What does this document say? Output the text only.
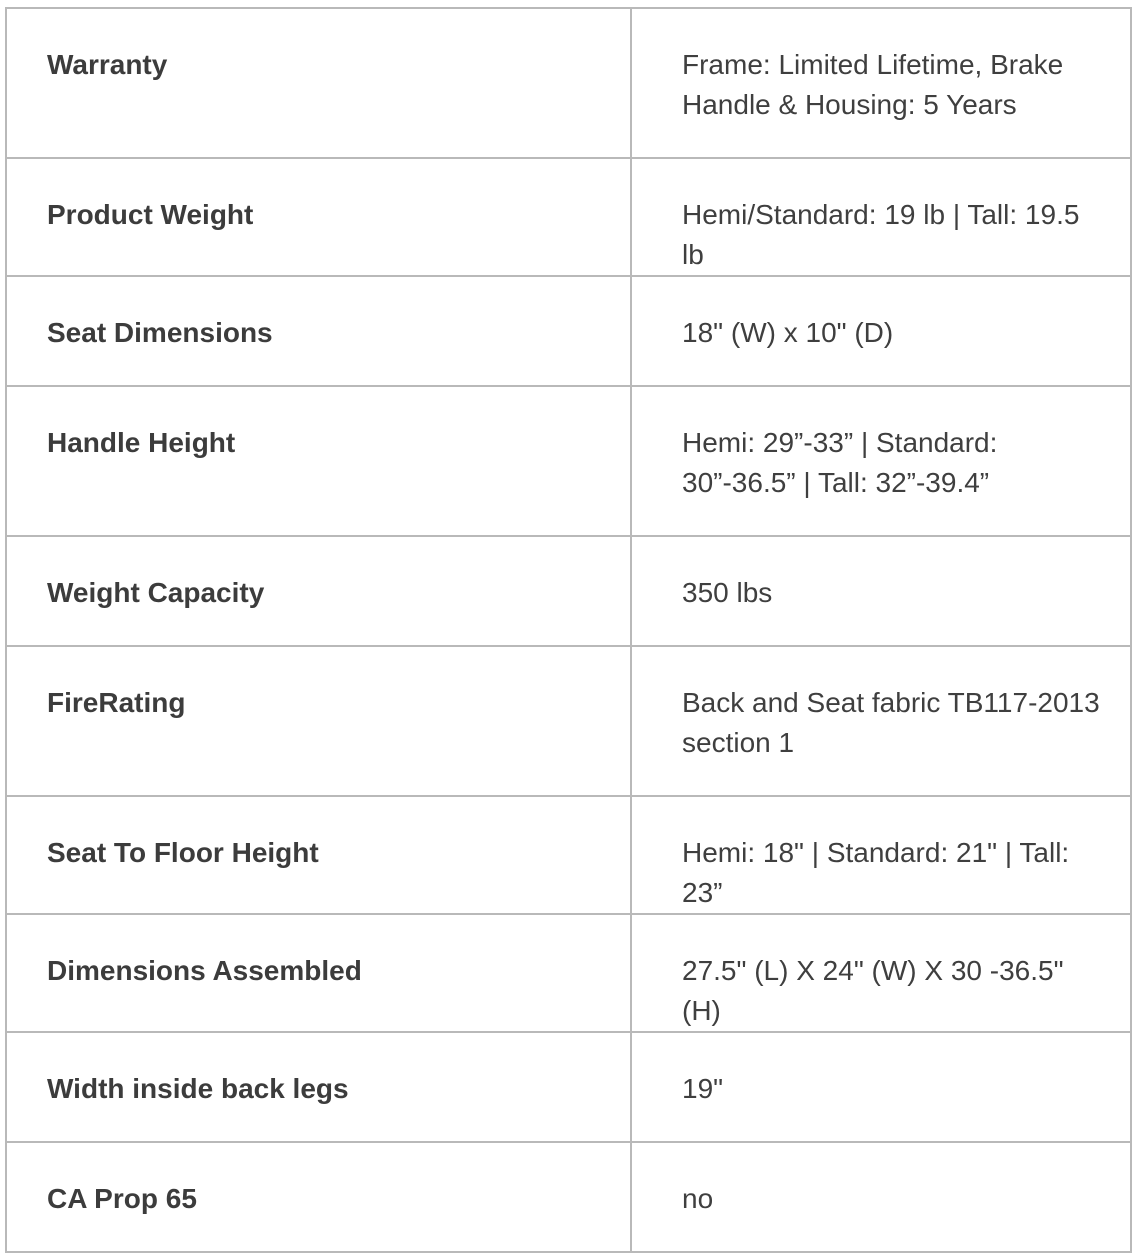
Warranty	Frame: Limited Lifetime, Brake Handle & Housing: 5 Years
Product Weight	Hemi/Standard: 19 lb | Tall: 19.5 lb
Seat Dimensions	18" (W) x 10" (D)
Handle Height	Hemi: 29”-33” | Standard: 30”-36.5” | Tall: 32”-39.4”
Weight Capacity	350 lbs
FireRating	Back and Seat fabric TB117-2013 section 1
Seat To Floor Height	Hemi: 18" | Standard: 21" | Tall: 23”
Dimensions Assembled	27.5" (L) X 24" (W) X 30 -36.5" (H)
Width inside back legs	19"
CA Prop 65	no
